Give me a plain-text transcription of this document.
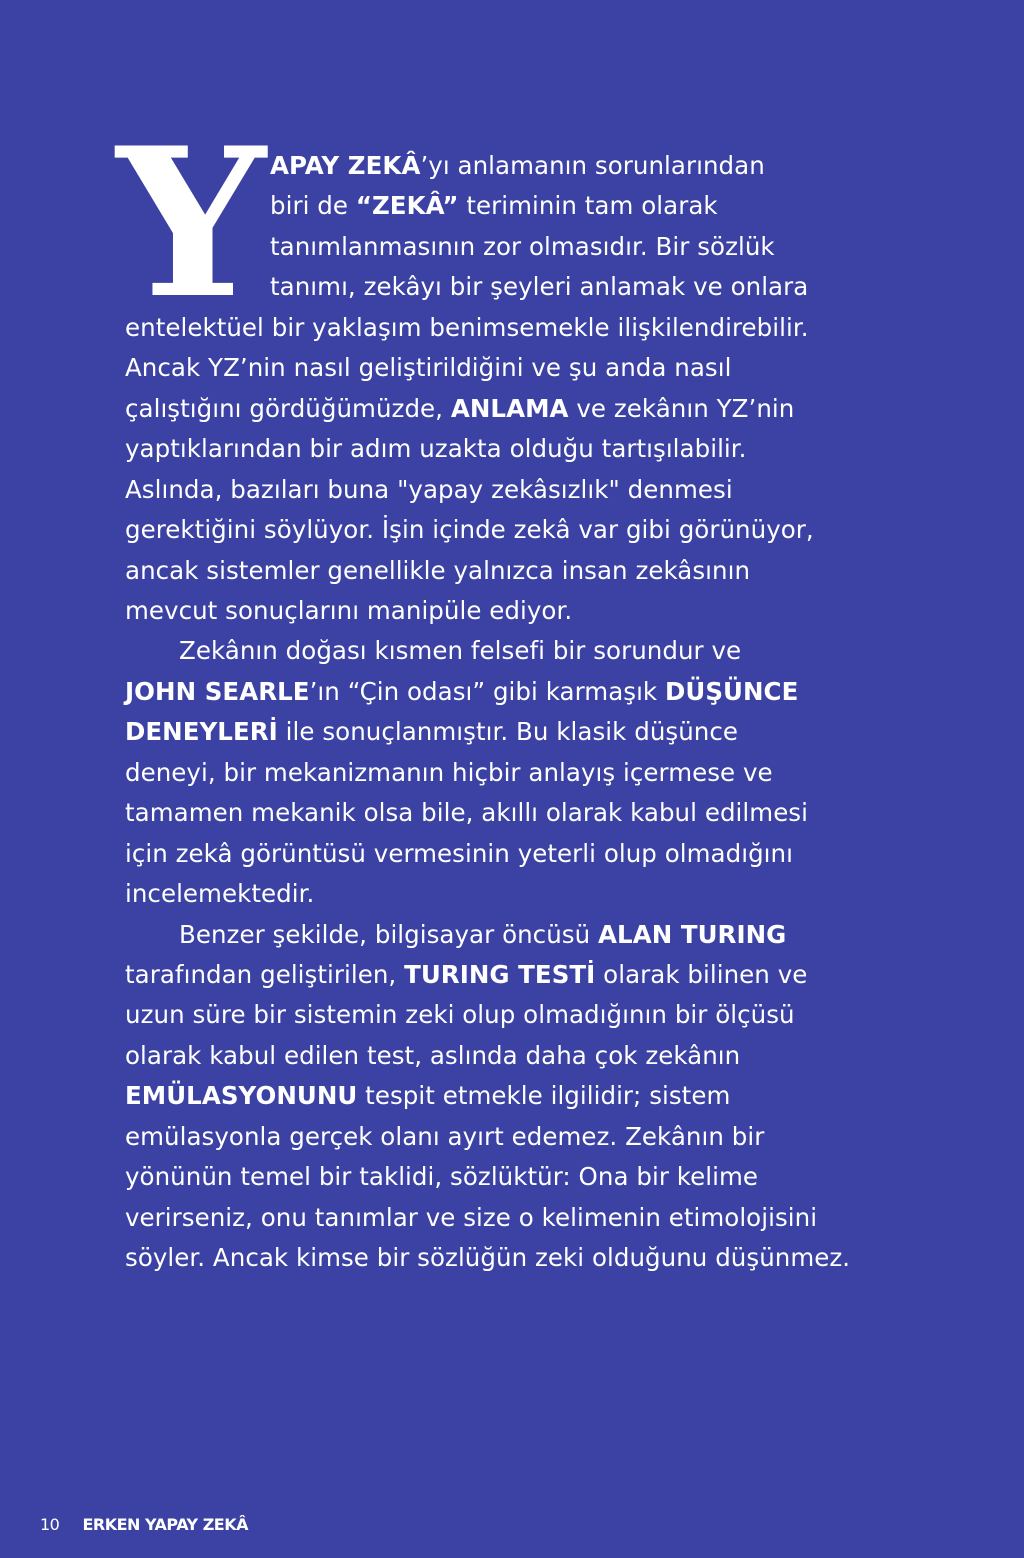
Y APAY ZEKÂ’yı anlamanın sorunlarından
biri de “ZEKÂ” teriminin tam olarak
tanımlanmasının zor olmasıdır. Bir sözlük
tanımı, zekâyı bir şeyleri anlamak ve onlara
entelektüel bir yaklaşım benimsemekle ilişkilendirebilir.
Ancak YZ’nin nasıl geliştirildiğini ve şu anda nasıl
çalıştığını gördüğümüzde, ANLAMA ve zekânın YZ’nin
yaptıklarından bir adım uzakta olduğu tartışılabilir.
Aslında, bazıları buna "yapay zekâsızlık" denmesi
gerektiğini söylüyor. İşin içinde zekâ var gibi görünüyor,
ancak sistemler genellikle yalnızca insan zekâsının
mevcut sonuçlarını manipüle ediyor.
Zekânın doğası kısmen felsefi bir sorundur ve
JOHN SEARLE’ın “Çin odası” gibi karmaşık DÜŞÜNCE
DENEYLERİ ile sonuçlanmıştır. Bu klasik düşünce
deneyi, bir mekanizmanın hiçbir anlayış içermese ve
tamamen mekanik olsa bile, akıllı olarak kabul edilmesi
için zekâ görüntüsü vermesinin yeterli olup olmadığını
incelemektedir.
Benzer şekilde, bilgisayar öncüsü ALAN TURING
tarafından geliştirilen, TURING TESTİ olarak bilinen ve
uzun süre bir sistemin zeki olup olmadığının bir ölçüsü
olarak kabul edilen test, aslında daha çok zekânın
EMÜLASYONUNU tespit etmekle ilgilidir; sistem
emülasyonla gerçek olanı ayırt edemez. Zekânın bir
yönünün temel bir taklidi, sözlüktür: Ona bir kelime
verirseniz, onu tanımlar ve size o kelimenin etimolojisini
söyler. Ancak kimse bir sözlüğün zeki olduğunu düşünmez.
10 ERKEN YAPAY ZEKÂ
